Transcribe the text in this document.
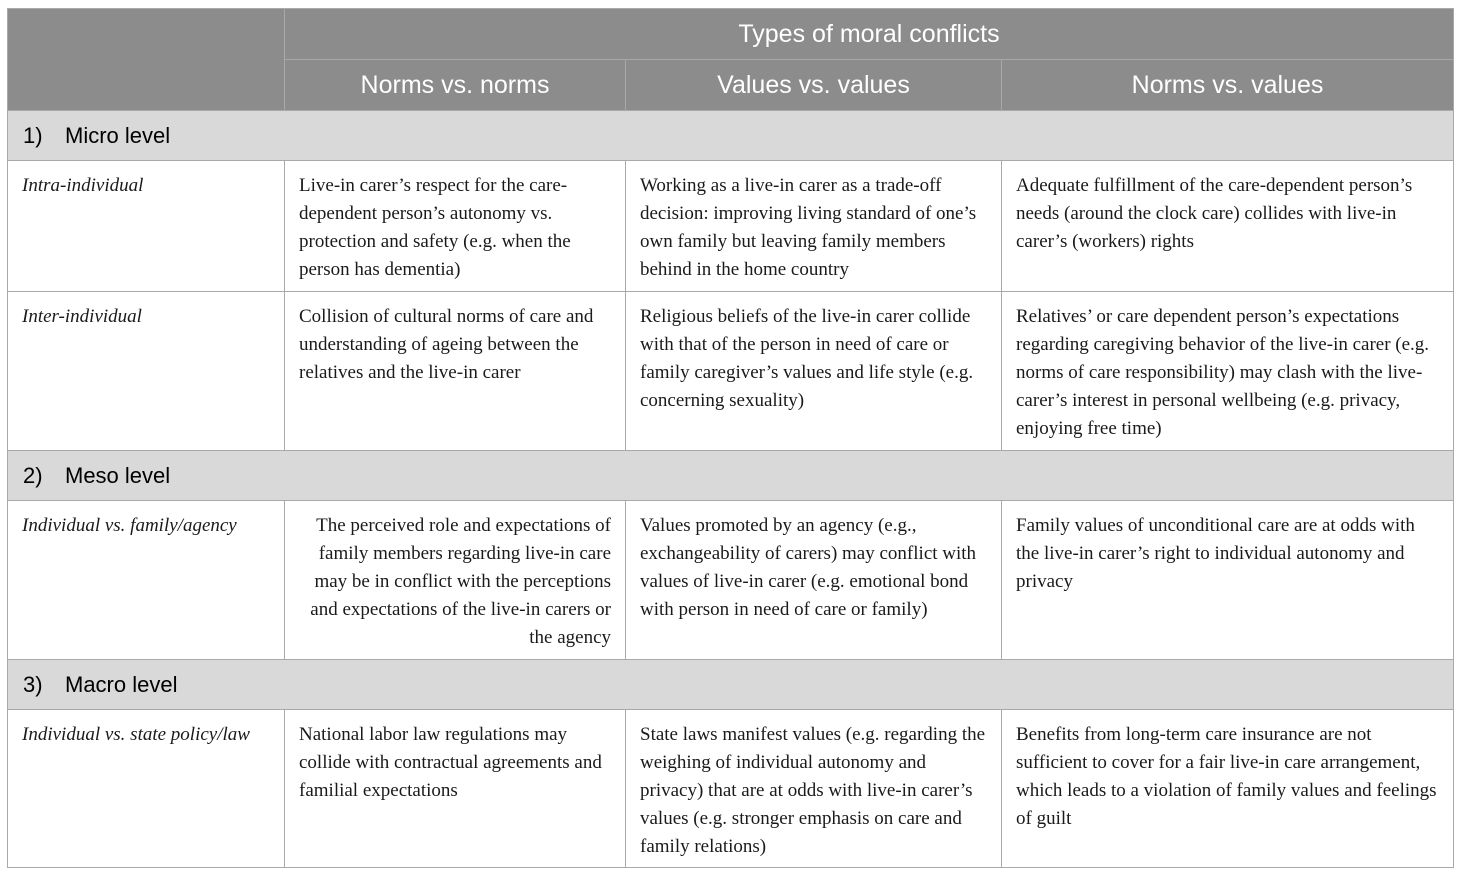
	Types of moral conflicts		
	Norms vs. norms	Values vs. values	Norms vs. values
1) Micro level			
Intra-individual	Live-in carer’s respect for the care-dependent person’s autonomy vs. protection and safety (e.g. when the person has dementia)	Working as a live-in carer as a trade-off decision: improving living standard of one’s own family but leaving family members behind in the home country	Adequate fulfillment of the care-dependent person’s needs (around the clock care) collides with live-in carer’s (workers) rights
Inter-individual	Collision of cultural norms of care and understanding of ageing between the relatives and the live-in carer	Religious beliefs of the live-in carer collide with that of the person in need of care or family caregiver’s values and life style (e.g. concerning sexuality)	Relatives’ or care dependent person’s expectations regarding caregiving behavior of the live-in carer (e.g. norms of care responsibility) may clash with the live- carer’s interest in personal wellbeing (e.g. privacy, enjoying free time)
2) Meso level			
Individual vs. family/agency	The perceived role and expectations of family members regarding live-in care may be in conflict with the perceptions and expectations of the live-in carers or the agency	Values promoted by an agency (e.g., exchangeability of carers) may conflict with values of live-in carer (e.g. emotional bond with person in need of care or family)	Family values of unconditional care are at odds with the live-in carer’s right to individual autonomy and privacy
3) Macro level			
Individual vs. state policy/law	National labor law regulations may collide with contractual agreements and familial expectations	State laws manifest values (e.g. regarding the weighing of individual autonomy and privacy) that are at odds with live-in carer’s values (e.g. stronger emphasis on care and family relations)	Benefits from long-term care insurance are not sufficient to cover for a fair live-in care arrangement, which leads to a violation of family values and feelings of guilt
